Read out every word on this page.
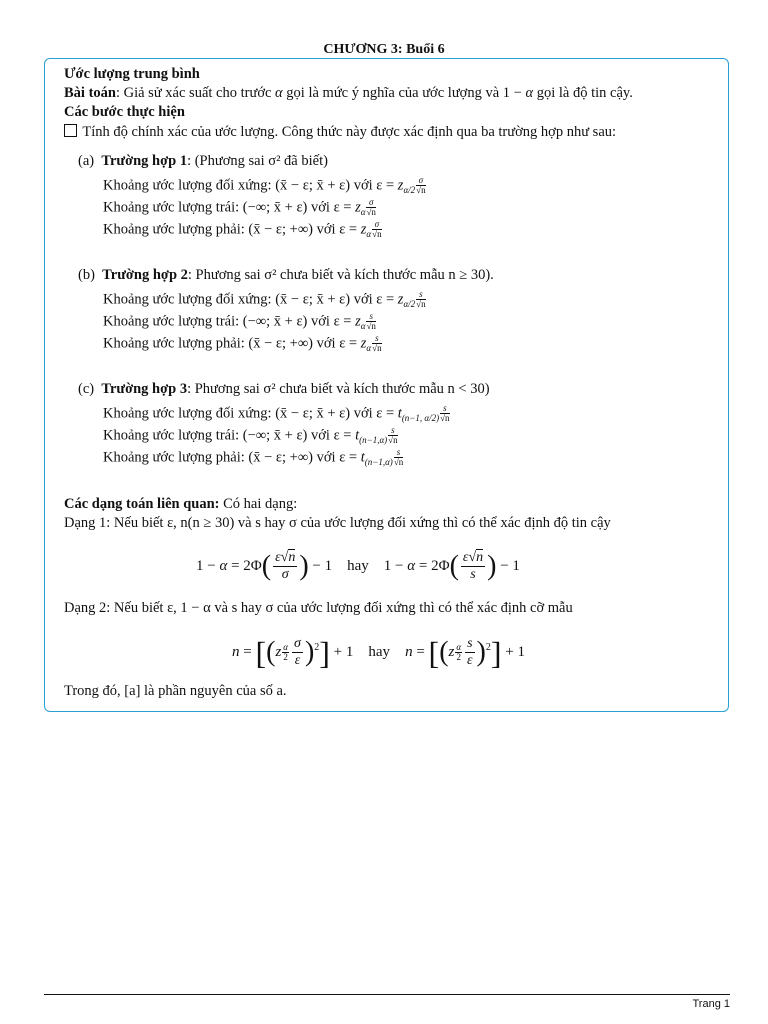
CHƯƠNG 3: Buổi 6
Ước lượng trung bình
Bài toán: Giả sử xác suất cho trước α gọi là mức ý nghĩa của ước lượng và 1 − α gọi là độ tin cậy.
Các bước thực hiện
Tính độ chính xác của ước lượng. Công thức này được xác định qua ba trường hợp như sau:
(a) Trường hợp 1: (Phương sai σ² đã biết)
Khoảng ước lượng đối xứng: (x̄ − ε; x̄ + ε) với $\varepsilon = z_{\alpha/2} \frac{\sigma}{√n}$
Khoảng ước lượng trái: (−∞; x̄ + ε) với $\varepsilon = z_\alpha \frac{\sigma}{√n}$
Khoảng ước lượng phải: (x̄ − ε; +∞) với $\varepsilon = z_\alpha \frac{\sigma}{√n}$
(b) Trường hợp 2: Phương sai σ² chưa biết và kích thước mẫu n ≥ 30).
Khoảng ước lượng đối xứng: (x̄ − ε; x̄ + ε) với $\varepsilon = z_{\alpha/2} \frac{s}{√n}$
Khoảng ước lượng trái: (−∞; x̄ + ε) với $\varepsilon = z_\alpha \frac{s}{√n}$
Khoảng ước lượng phải: (x̄ − ε; +∞) với $\varepsilon = z_\alpha \frac{s}{√n}$
(c) Trường hợp 3: Phương sai σ² chưa biết và kích thước mẫu n < 30)
Khoảng ước lượng đối xứng: (x̄ − ε; x̄ + ε) với $\varepsilon = t_{(n-1, \alpha/2)} \frac{s}{√n}$
Khoảng ước lượng trái: (−∞; x̄ + ε) với $\varepsilon = t_{(n-1,\alpha)} \frac{s}{√n}$
Khoảng ước lượng phải: (x̄ − ε; +∞) với $\varepsilon = t_{(n-1,\alpha)} \frac{s}{√n}$
Các dạng toán liên quan: Có hai dạng:
Dạng 1: Nếu biết ε, n(n ≥ 30) và s hay σ của ước lượng đối xứng thì có thể xác định độ tin cậy
$1 - \alpha = 2\Phi( \frac{\varepsilon√n}{\sigma}$ ) − 1    hay    $1 - \alpha = 2\Phi( \frac{\varepsilon√n}{s}$ ) − 1
Dạng 2: Nếu biết ε, 1 − α và s hay σ của ước lượng đối xứng thì có thể xác định cỡ mẫu
$n = [(z \frac{\alpha}{2} \frac{\sigma}{\varepsilon} )^2] + 1$    hay $n = [(z \frac{\alpha}{2} \frac{s}{\varepsilon} )^2] + 1$
Trong đó, [a] là phần nguyên của số a.
Trang 1
